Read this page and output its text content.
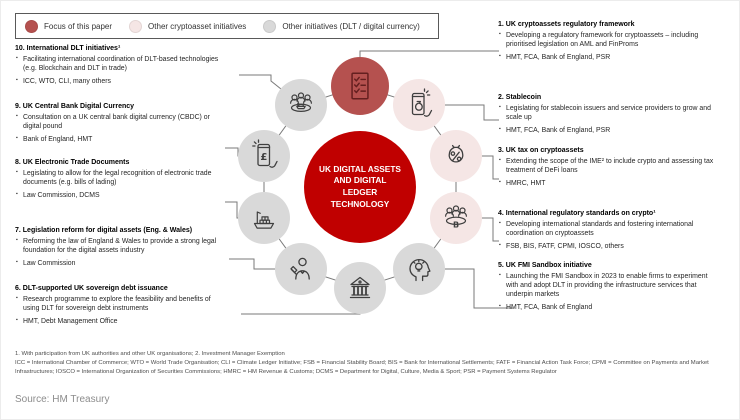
Focus of this paper	Other cryptoasset initiatives	Other initiatives (DLT / digital currency)
B
£
UK DIGITAL ASSETS AND DIGITAL LEDGER TECHNOLOGY
10. International DLT initiatives¹
▪ Facilitating international coordination of DLT-based technologies (e.g. Blockchain and DLT in trade)
▪ ICC, WTO, CLI, many others
9. UK Central Bank Digital Currency
▪ Consultation on a UK central bank digital currency (CBDC) or digital pound
▪ Bank of England, HMT
8. UK Electronic Trade Documents
▪ Legislating to allow for the legal recognition of electronic trade documents (e.g. bills of lading)
▪ Law Commission, DCMS
7. Legislation reform for digital assets (Eng. & Wales)
▪ Reforming the law of England & Wales to provide a strong legal foundation for the digital assets industry
▪ Law Commission
6. DLT-supported UK sovereign debt issuance
▪ Research programme to explore the feasibility and benefits of using DLT for sovereign debt instruments
▪ HMT, Debt Management Office
1. UK cryptoassets regulatory framework
▪ Developing a regulatory framework for cryptoassets – including prioritised legislation on AML and FinProms
▪ HMT, FCA, Bank of England, PSR
2. Stablecoin
▪ Legislating for stablecoin issuers and service providers to grow and scale up
▪ HMT, FCA, Bank of England, PSR
3. UK tax on cryptoassets
▪ Extending the scope of the IME² to include crypto and assessing tax treatment of DeFi loans
▪ HMRC, HMT
4. International regulatory standards on crypto¹
▪ Developing international standards and fostering international coordination on cryptoassets
▪ FSB, BIS, FATF, CPMI, IOSCO, others
5. UK FMI Sandbox initiative
▪ Launching the FMI Sandbox in 2023 to enable firms to experiment with and adopt DLT in providing the infrastructure services that underpin markets
▪ HMT, FCA, Bank of England

1. With participation from UK authorities and other UK organisations; 2. Investment Manager Exemption

ICC = International Chamber of Commerce; WTO = World Trade Organisation; CLI = Climate Ledger Initiative; FSB = Financial Stability Board; BIS = Bank for International Settlements; FATF = Financial Action Task Force; CPMI = Committee on Payments and Market Infrastructures; IOSCO = International Organization of Securities Commissions; HMRC = HM Revenue & Customs; DCMS = Department for Digital, Culture, Media & Sport; PSR = Payment Systems Regulator

Source: HM Treasury
